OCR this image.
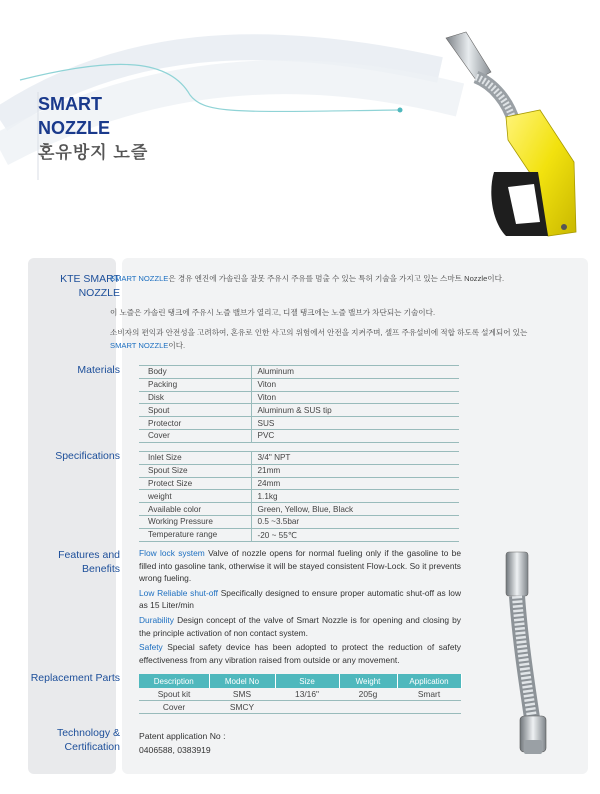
SMART
NOZZLE
혼유방지 노즐
KTE SMART NOZZLE
Materials
Specifications
Features and Benefits
Replacement Parts
Technology & Certification
SMART NOZZLE은 경유 엔진에 가솔린을 잘못 주유시 주유를 멈출 수 있는 특허 기술을 가지고 있는 스마트 Nozzle이다.
이 노즐은 가솔린 탱크에 주유시 노즐 밸브가 열리고, 디젤 탱크에는 노즐 밸브가 차단되는 기술이다.
소비자의 편익과 안전성을 고려하여, 혼유로 인한 사고의 위험에서 안전을 지켜주며, 셀프 주유설비에 적합 하도록 설계되어 있는 SMART NOZZLE이다.
Body	Aluminum
Packing	Viton
Disk	Viton
Spout	Aluminum & SUS tip
Protector	SUS
Cover	PVC
Inlet Size	3/4" NPT
Spout Size	21mm
Protect Size	24mm
weight	1.1kg
Available color	Green, Yellow, Blue, Black
Working Pressure	0.5 ~3.5bar
Temperature range	-20 ~ 55℃

Flow lock system Valve of nozzle opens for normal fueling only if the gasoline to be filled into gasoline tank, otherwise it will be stayed consistent Flow-Lock. So it prevents wrong fueling.

Low Reliable shut-off Specifically designed to ensure proper automatic shut-off as low as 15 Liter/min

Durability Design concept of the valve of Smart Nozzle is for opening and closing by the principle activation of non contact system.

Safety Special safety device has been adopted to protect the reduction of safety effectiveness from any vibration raised from outside or any movement.

Description	Model No	Size	Weight	Application
Spout kit	SMS	13/16"	205g	Smart
Cover	SMCY			
Patent application No :
0406588, 0383919
